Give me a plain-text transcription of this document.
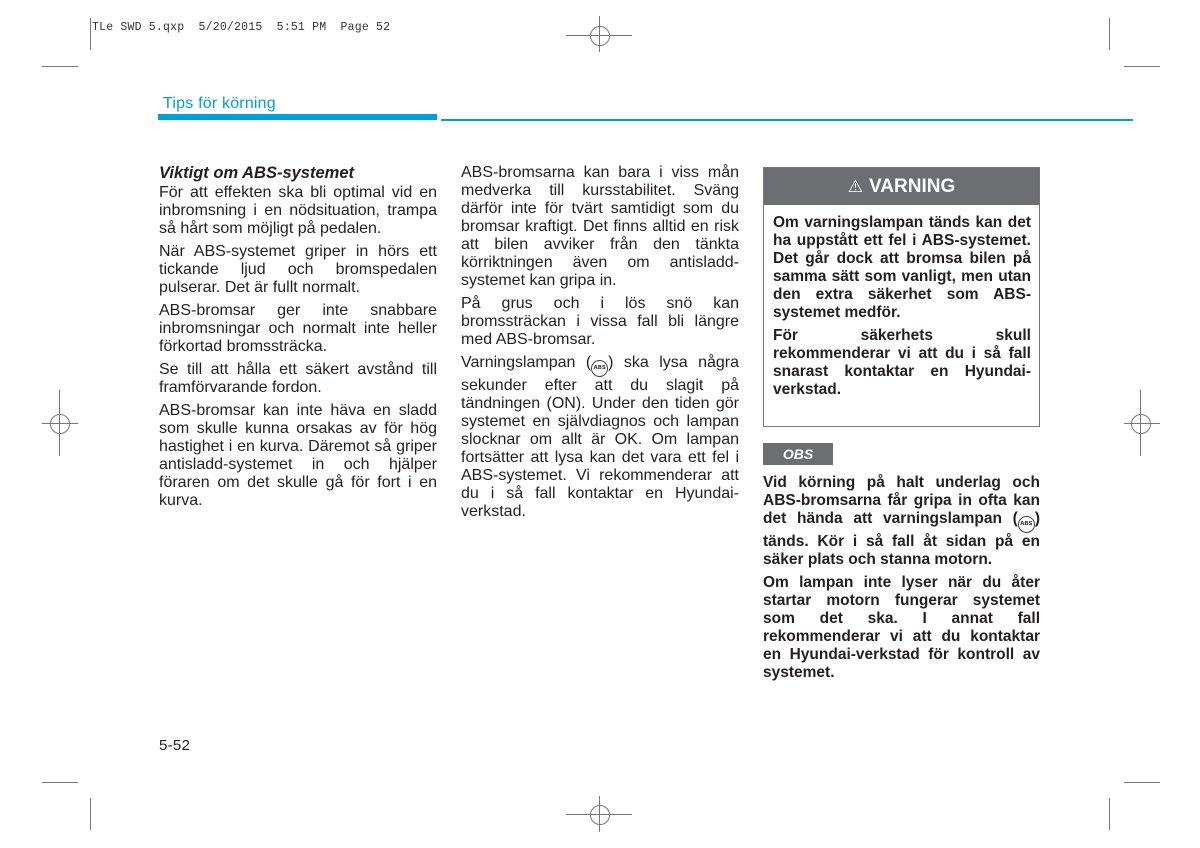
TLe SWD 5.qxp  5/20/2015  5:51 PM  Page 52
Tips för körning

Viktigt om ABS-systemet

För att effekten ska bli optimal vid en inbromsning i en nödsituation, trampa så hårt som möjligt på pedalen.

När ABS-systemet griper in hörs ett tickande ljud och bromspedalen pulserar. Det är fullt normalt.

ABS-bromsar ger inte snabbare inbromsningar och normalt inte heller förkortad bromssträcka.

Se till att hålla ett säkert avstånd till framförvarande fordon.

ABS-bromsar kan inte häva en sladd som skulle kunna orsakas av för hög hastighet i en kurva. Däremot så griper antisladd-systemet in och hjälper föraren om det skulle gå för fort i en kurva.

ABS-bromsarna kan bara i viss mån medverka till kursstabilitet. Sväng därför inte för tvärt samtidigt som du bromsar kraftigt. Det finns alltid en risk att bilen avviker från den tänkta körriktningen även om antisladd-systemet kan gripa in.

På grus och i lös snö kan bromssträckan i vissa fall bli längre med ABS-bromsar.

Varningslampan ( ABS ) ska lysa några sekunder efter att du slagit på tändningen (ON). Under den tiden gör systemet en självdiagnos och lampan slocknar om allt är OK. Om lampan fortsätter att lysa kan det vara ett fel i ABS-systemet. Vi rekommenderar att du i så fall kontaktar en Hyundai-verkstad.

⚠ VARNING

Om varningslampan tänds kan det ha uppstått ett fel i ABS-systemet. Det går dock att bromsa bilen på samma sätt som vanligt, men utan den extra säkerhet som ABS-systemet medför.

För säkerhets skull rekommenderar vi att du i så fall snarast kontaktar en Hyundai-verkstad.

OBS

Vid körning på halt underlag och ABS-bromsarna får gripa in ofta kan det hända att varningslampan ( ABS ) tänds. Kör i så fall åt sidan på en säker plats och stanna motorn.

Om lampan inte lyser när du åter startar motorn fungerar systemet som det ska. I annat fall rekommenderar vi att du kontaktar en Hyundai-verkstad för kontroll av systemet.

5-52
